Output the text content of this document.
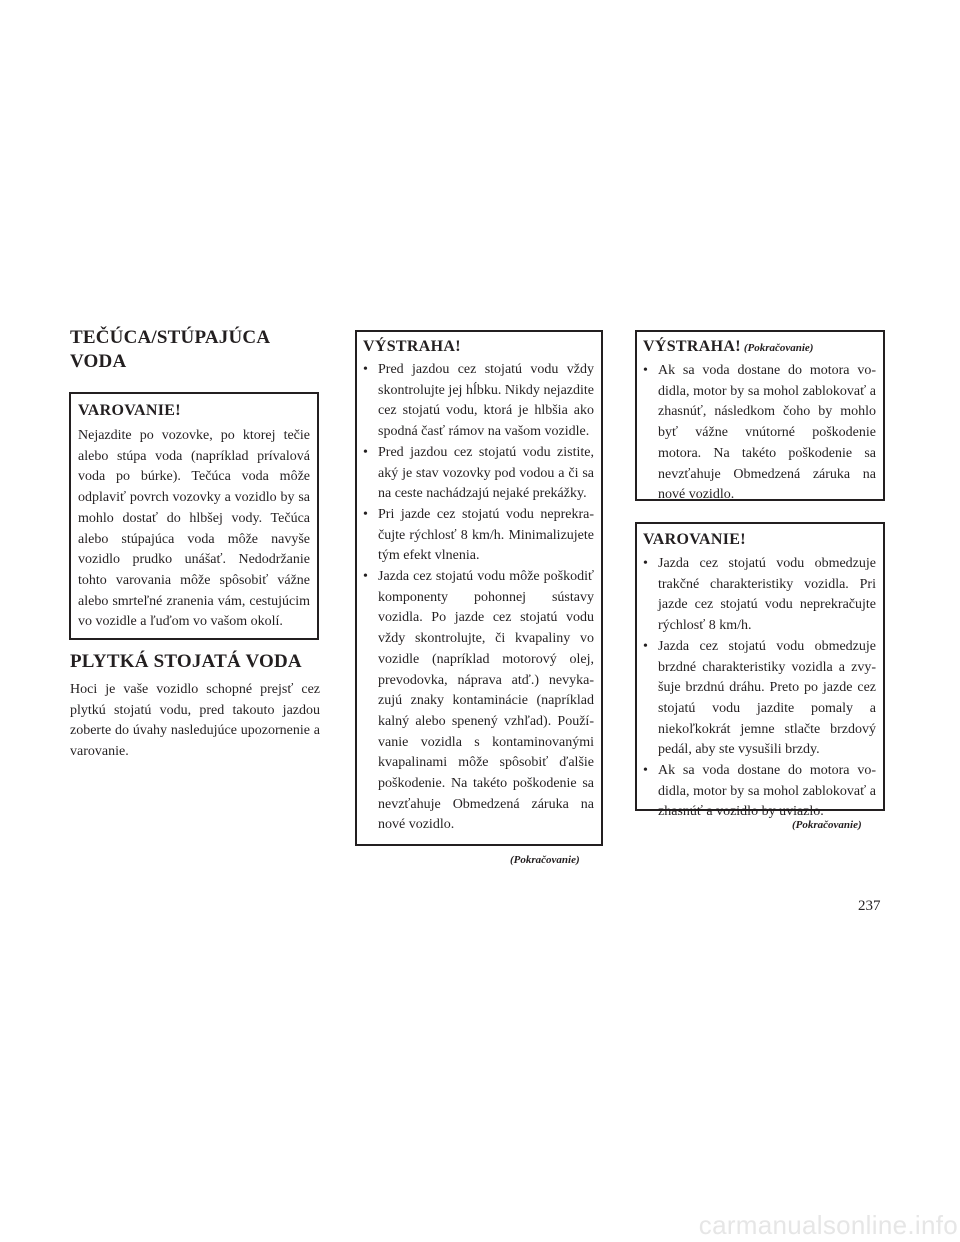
TEČÚCA/STÚPAJÚCA
VODA

VAROVANIE!

Nejazdite po vozovke, po ktorej tečie alebo stúpa voda (napríklad prívalová voda po búrke). Tečúca voda môže odplaviť povrch vozovky a vozidlo by sa mohlo dostať do hlbšej vody. Tečúca alebo stúpajúca voda môže navyše vozidlo prudko unášať. Nedodržanie tohto varovania môže spôsobiť vážne alebo smrteľné zranenia vám, cestujúcim vo vozidle a ľuďom vo vašom okolí.

PLYTKÁ STOJATÁ VODA

Hoci je vaše vozidlo schopné prejsť cez plytkú stojatú vodu, pred takouto jazdou zoberte do úvahy nasledujúce upozornenie a varovanie.

VÝSTRAHA!

• Pred jazdou cez stojatú vodu vždy skontrolujte jej hĺbku. Nikdy nejazdite cez stojatú vodu, ktorá je hlbšia ako spodná časť rámov na vašom vozidle.
• Pred jazdou cez stojatú vodu zistite, aký je stav vozovky pod vodou a či sa na ceste nachádzajú nejaké prekážky.
• Pri jazde cez stojatú vodu neprekračujte rýchlosť 8 km/h. Minimalizujete tým efekt vlnenia.
• Jazda cez stojatú vodu môže poškodiť komponenty pohonnej sústavy vozidla. Po jazde cez stojatú vodu vždy skontrolujte, či kvapaliny vo vozidle (napríklad motorový olej, prevodovka, náprava atď.) nevykazujú znaky kontaminácie (napríklad kalný alebo spenený vzhľad). Používanie vozidla s kontaminovanými kvapalinami môže spôsobiť ďalšie poškodenie. Na takéto poškodenie sa nevzťahuje Obmedzená záruka na nové vozidlo.
(Pokračovanie)

VÝSTRAHA! (Pokračovanie)

• Ak sa voda dostane do motora vodidla, motor by sa mohol zablokovať a zhasnúť, následkom čoho by mohlo byť vážne vnútorné poškodenie motora. Na takéto poškodenie sa nevzťahuje Obmedzená záruka na nové vozidlo.

VAROVANIE!

• Jazda cez stojatú vodu obmedzuje trakčné charakteristiky vozidla. Pri jazde cez stojatú vodu neprekračujte rýchlosť 8 km/h.
• Jazda cez stojatú vodu obmedzuje brzdné charakteristiky vozidla a zvyšuje brzdnú dráhu. Preto po jazde cez stojatú vodu jazdite pomaly a niekoľkokrát jemne stlačte brzdový pedál, aby ste vysušili brzdy.
• Ak sa voda dostane do motora vodidla, motor by sa mohol zablokovať a zhasnúť a vozidlo by uviazlo.
(Pokračovanie)
237
carmanualsonline.info
